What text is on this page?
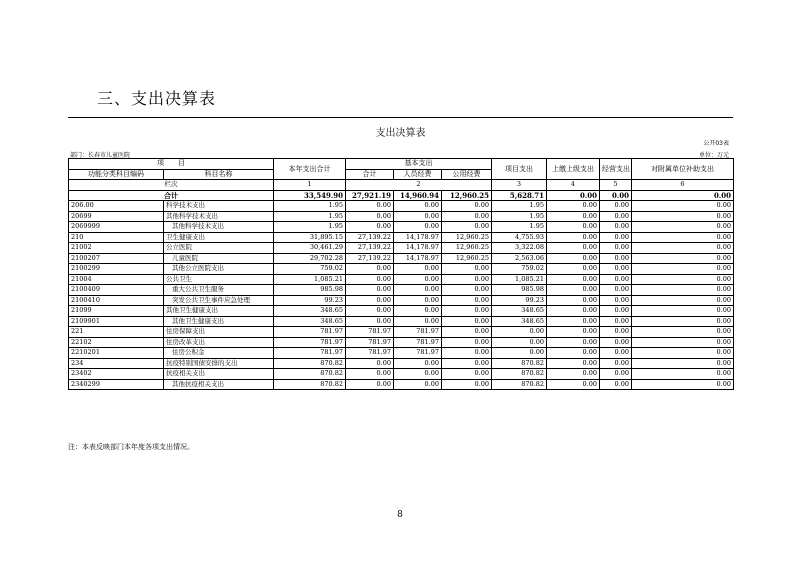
三、支出决算表
支出决算表
公开03表
部门：长春市儿童医院	单位：万元
项　　目		本年支出合计	基本支出			项目支出	上缴上级支出	经营支出	对附属单位补助支出
功能分类科目编码	科目名称								
			合计	人员经费	公用经费				
栏次		1	2			3	4	5	6
合计		33,549.90	27,921.19	14,960.94	12,960.25	5,628.71	0.00	0.00	0.00
206.00	科学技术支出	1.95	0.00	0.00	0.00	1.95	0.00	0.00	0.00
20699	其他科学技术支出	1.95	0.00	0.00	0.00	1.95	0.00	0.00	0.00
2069999	其他科学技术支出	1.95	0.00	0.00	0.00	1.95	0.00	0.00	0.00
210	卫生健康支出	31,895.15	27,139.22	14,178.97	12,960.25	4,755.93	0.00	0.00	0.00
21002	公立医院	30,461.29	27,139.22	14,178.97	12,960.25	3,322.08	0.00	0.00	0.00
2100207	儿童医院	29,702.28	27,139.22	14,178.97	12,960.25	2,563.06	0.00	0.00	0.00
2100299	其他公立医院支出	759.02	0.00	0.00	0.00	759.02	0.00	0.00	0.00
21004	公共卫生	1,085.21	0.00	0.00	0.00	1,085.21	0.00	0.00	0.00
2100409	重大公共卫生服务	985.98	0.00	0.00	0.00	985.98	0.00	0.00	0.00
2100410	突发公共卫生事件应急处理	99.23	0.00	0.00	0.00	99.23	0.00	0.00	0.00
21099	其他卫生健康支出	348.65	0.00	0.00	0.00	348.65	0.00	0.00	0.00
2109901	其他卫生健康支出	348.65	0.00	0.00	0.00	348.65	0.00	0.00	0.00
221	住房保障支出	781.97	781.97	781.97	0.00	0.00	0.00	0.00	0.00
22102	住房改革支出	781.97	781.97	781.97	0.00	0.00	0.00	0.00	0.00
2210201	住房公积金	781.97	781.97	781.97	0.00	0.00	0.00	0.00	0.00
234	抗疫特别国债安排的支出	870.82	0.00	0.00	0.00	870.82	0.00	0.00	0.00
23402	抗疫相关支出	870.82	0.00	0.00	0.00	870.82	0.00	0.00	0.00
2340299	其他抗疫相关支出	870.82	0.00	0.00	0.00	870.82	0.00	0.00	0.00
注：本表反映部门本年度各项支出情况。
8
